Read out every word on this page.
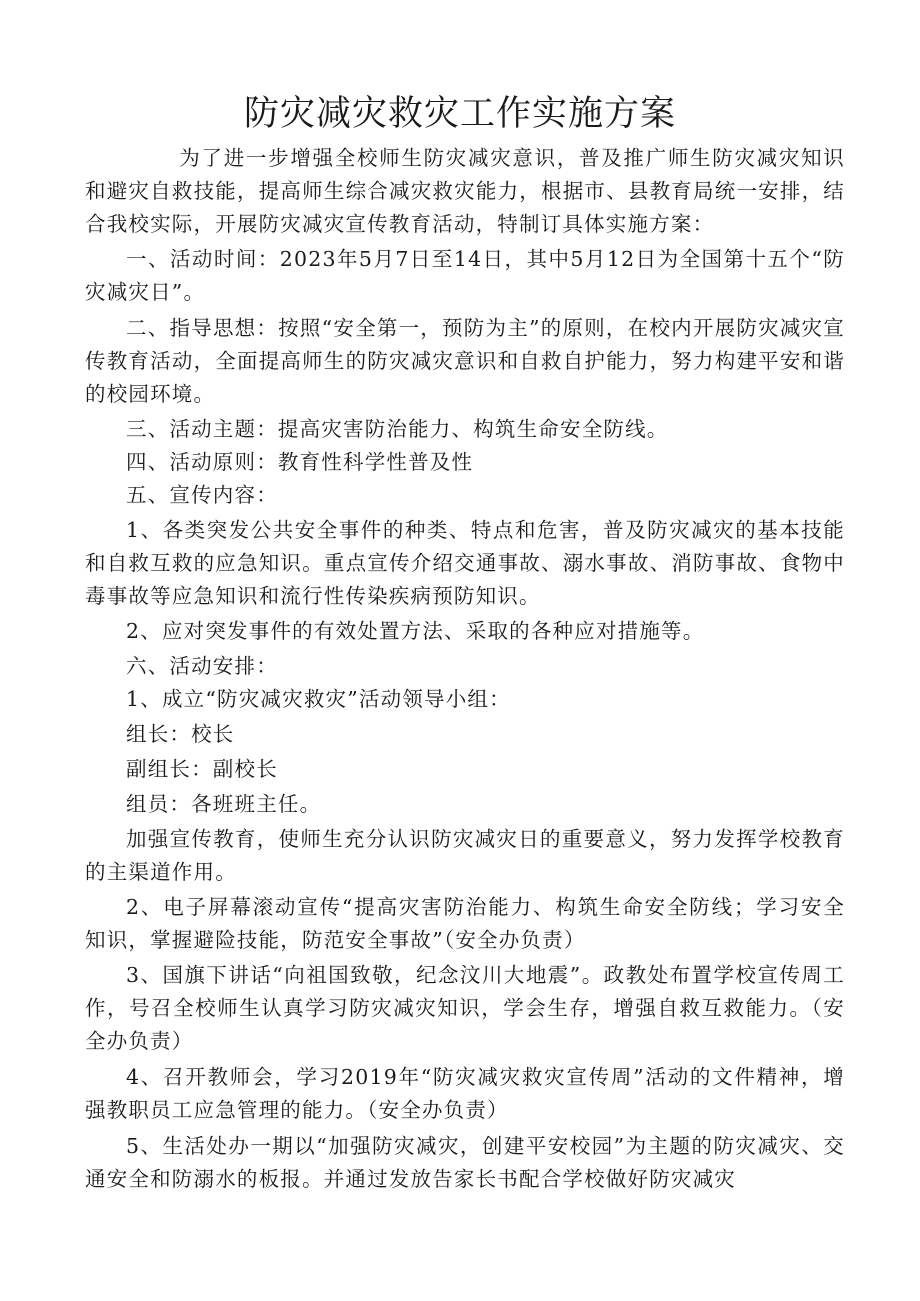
防灾减灾救灾工作实施方案

为了进一步增强全校师生防灾减灾意识，普及推广师生防灾减灾知识和避灾自救技能，提高师生综合减灾救灾能力，根据市、县教育局统一安排，结合我校实际，开展防灾减灾宣传教育活动，特制订具体实施方案：

一、活动时间：2023年5月7日至14日，其中5月12日为全国第十五个“防灾减灾日”。

二、指导思想：按照“安全第一，预防为主”的原则，在校内开展防灾减灾宣传教育活动，全面提高师生的防灾减灾意识和自救自护能力，努力构建平安和谐的校园环境。

三、活动主题：提高灾害防治能力、构筑生命安全防线。

四、活动原则：教育性科学性普及性

五、宣传内容：

1、各类突发公共安全事件的种类、特点和危害，普及防灾减灾的基本技能和自救互救的应急知识。重点宣传介绍交通事故、溺水事故、消防事故、食物中毒事故等应急知识和流行性传染疾病预防知识。

2、应对突发事件的有效处置方法、采取的各种应对措施等。

六、活动安排：

1、成立“防灾减灾救灾”活动领导小组：

组长：校长

副组长：副校长

组员：各班班主任。

加强宣传教育，使师生充分认识防灾减灾日的重要意义，努力发挥学校教育的主渠道作用。

2、电子屏幕滚动宣传“提高灾害防治能力、构筑生命安全防线；学习安全知识，掌握避险技能，防范安全事故”（安全办负责）

3、国旗下讲话“向祖国致敬，纪念汶川大地震”。政教处布置学校宣传周工作，号召全校师生认真学习防灾减灾知识，学会生存，增强自救互救能力。（安全办负责）

4、召开教师会，学习2019年“防灾减灾救灾宣传周”活动的文件精神，增强教职员工应急管理的能力。（安全办负责）

5、生活处办一期以“加强防灾减灾，创建平安校园”为主题的防灾减灾、交通安全和防溺水的板报。并通过发放告家长书配合学校做好防灾减灾
